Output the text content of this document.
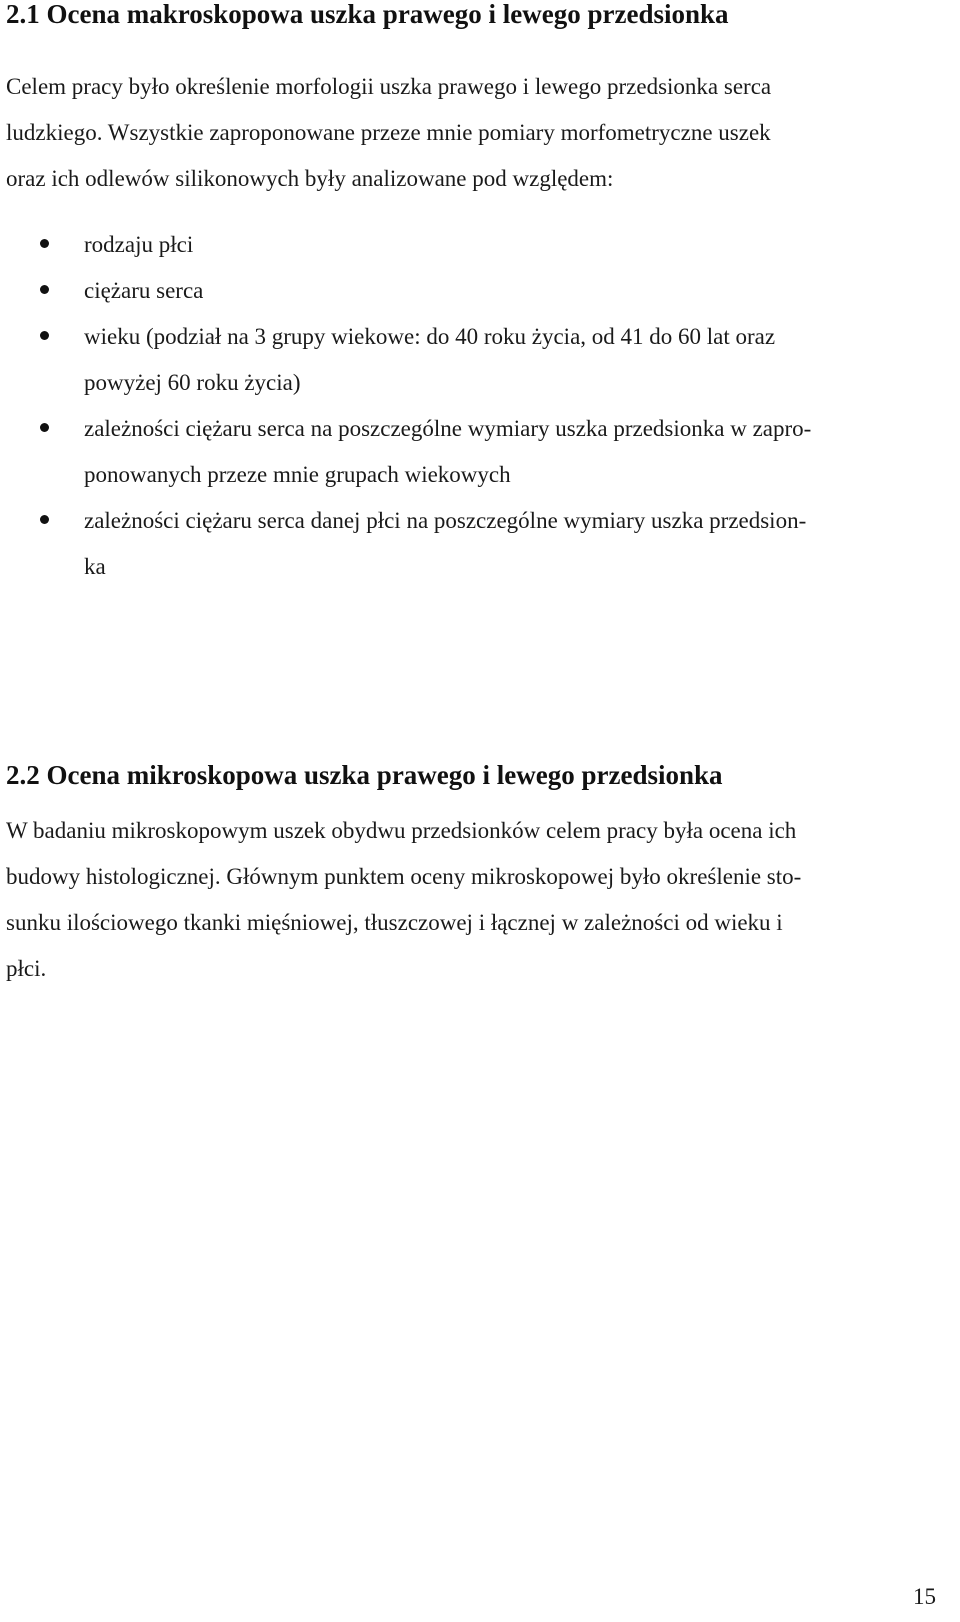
2.1 Ocena makroskopowa uszka prawego i lewego przedsionka

Celem pracy było określenie morfologii uszka prawego i lewego przedsionka serca
ludzkiego. Wszystkie zaproponowane przeze mnie pomiary morfometryczne uszek
oraz ich odlewów silikonowych były analizowane pod względem:

rodzaju płci
ciężaru serca
wieku (podział na 3 grupy wiekowe: do 40 roku życia, od 41 do 60 lat oraz
powyżej 60 roku życia)
zależności ciężaru serca na poszczególne wymiary uszka przedsionka w zapro-
ponowanych przeze mnie grupach wiekowych
zależności ciężaru serca danej płci na poszczególne wymiary uszka przedsion-
ka
2.2 Ocena mikroskopowa uszka prawego i lewego przedsionka

W badaniu mikroskopowym uszek obydwu przedsionków celem pracy była ocena ich
budowy histologicznej. Głównym punktem oceny mikroskopowej było określenie sto-
sunku ilościowego tkanki mięśniowej, tłuszczowej i łącznej w zależności od wieku i
płci.

15
